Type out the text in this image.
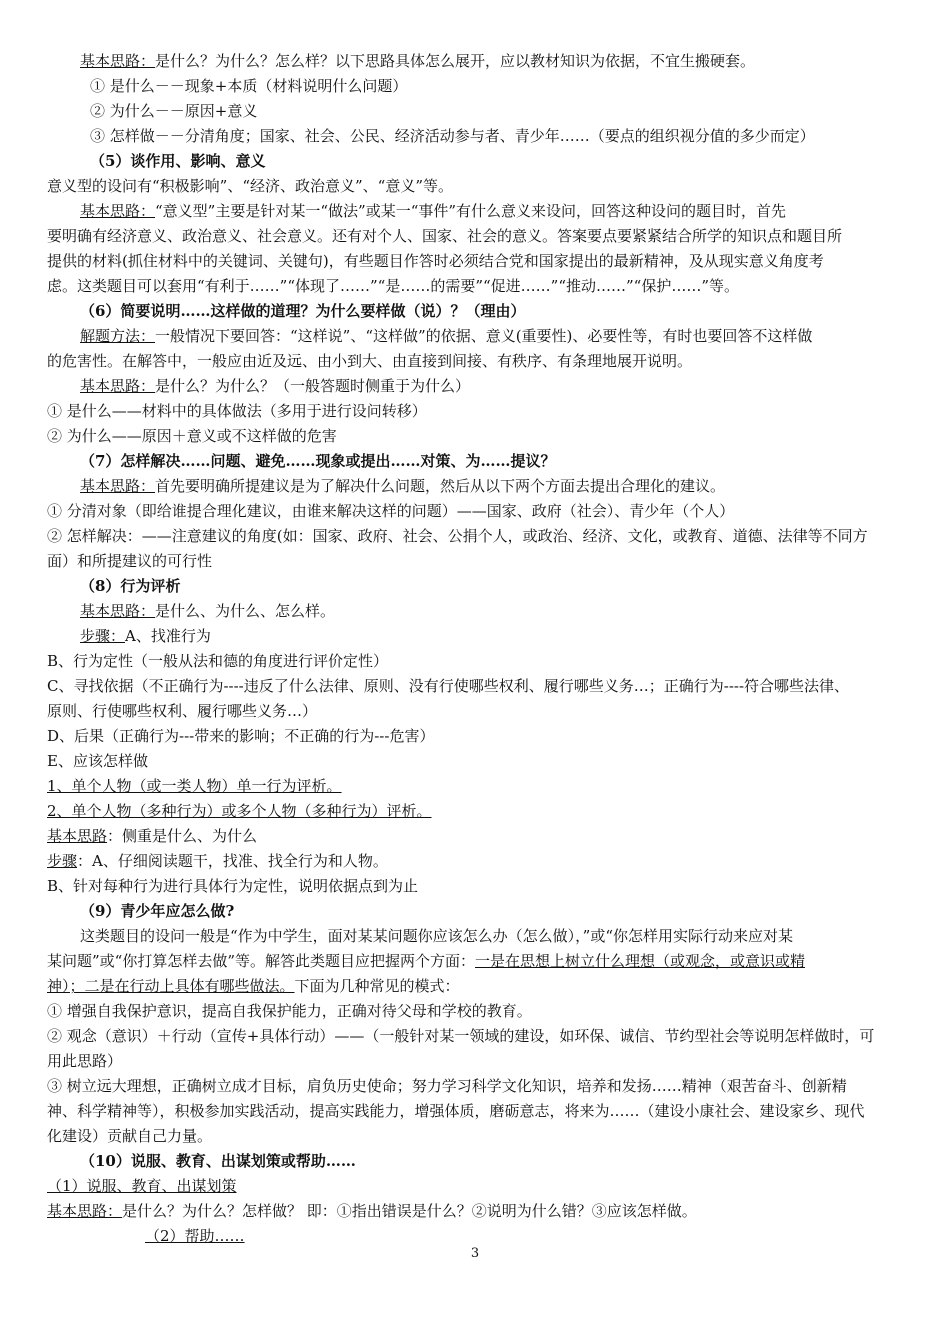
基本思路：是什么？为什么？怎么样？以下思路具体怎么展开，应以教材知识为依据，不宜生搬硬套。
① 是什么－－现象+本质（材料说明什么问题）
② 为什么－－原因+意义
③ 怎样做－－分清角度；国家、社会、公民、经济活动参与者、青少年……（要点的组织视分值的多少而定）
（5）谈作用、影响、意义
意义型的设问有“积极影响”、“经济、政治意义”、“意义”等。
基本思路：“意义型”主要是针对某一“做法”或某一“事件”有什么意义来设问，回答这种设问的题目时，首先
要明确有经济意义、政治意义、社会意义。还有对个人、国家、社会的意义。答案要点要紧紧结合所学的知识点和题目所
提供的材料(抓住材料中的关键词、关键句)，有些题目作答时必须结合党和国家提出的最新精神，及从现实意义角度考
虑。这类题目可以套用“有利于……”“体现了……”“是……的需要”“促进……”“推动……”“保护……”等。
（6）简要说明……这样做的道理？为什么要样做（说）？（理由）
解题方法：一般情况下要回答：“这样说”、“这样做”的依据、意义(重要性)、必要性等，有时也要回答不这样做
的危害性。在解答中，一般应由近及远、由小到大、由直接到间接、有秩序、有条理地展开说明。
基本思路：是什么？为什么？（一般答题时侧重于为什么）
① 是什么——材料中的具体做法（多用于进行设问转移）
② 为什么——原因＋意义或不这样做的危害
（7）怎样解决……问题、避免……现象或提出……对策、为……提议？
基本思路：首先要明确所提建议是为了解决什么问题，然后从以下两个方面去提出合理化的建议。
① 分清对象（即给谁提合理化建议，由谁来解决这样的问题）——国家、政府（社会）、青少年（个人）
② 怎样解决：——注意建议的角度(如：国家、政府、社会、公捐个人，或政治、经济、文化，或教育、道德、法律等不同方
面）和所提建议的可行性
（8）行为评析
基本思路：是什么、为什么、怎么样。
步骤：A、找准行为
B、行为定性（一般从法和德的角度进行评价定性）
C、寻找依据（不正确行为----违反了什么法律、原则、没有行使哪些权利、履行哪些义务…；正确行为----符合哪些法律、
原则、行使哪些权利、履行哪些义务…）
D、后果（正确行为---带来的影响；不正确的行为---危害）
E、应该怎样做
1、单个人物（或一类人物）单一行为评析。
2、单个人物（多种行为）或多个人物（多种行为）评析。
基本思路：侧重是什么、为什么
步骤：A、仔细阅读题干，找准、找全行为和人物。
B、针对每种行为进行具体行为定性，说明依据点到为止
（9）青少年应怎么做?
这类题目的设问一般是“作为中学生，面对某某问题你应该怎么办（怎么做），”或“你怎样用实际行动来应对某
某问题”或“你打算怎样去做”等。解答此类题目应把握两个方面：一是在思想上树立什么理想（或观念，或意识或精
神）；二是在行动上具体有哪些做法。下面为几种常见的模式：
① 增强自我保护意识，提高自我保护能力，正确对待父母和学校的教育。
② 观念（意识）＋行动（宣传+具体行动）——（一般针对某一领域的建设，如环保、诚信、节约型社会等说明怎样做时，可
用此思路）
③ 树立远大理想，正确树立成才目标，肩负历史使命；努力学习科学文化知识，培养和发扬……精神（艰苦奋斗、创新精
神、科学精神等），积极参加实践活动，提高实践能力，增强体质，磨砺意志，将来为……（建设小康社会、建设家乡、现代
化建设）贡献自己力量。
（10）说服、教育、出谋划策或帮助……
（1）说服、教育、出谋划策
基本思路：是什么？为什么？怎样做？ 即：①指出错误是什么？②说明为什么错？③应该怎样做。
（2）帮助……
3
